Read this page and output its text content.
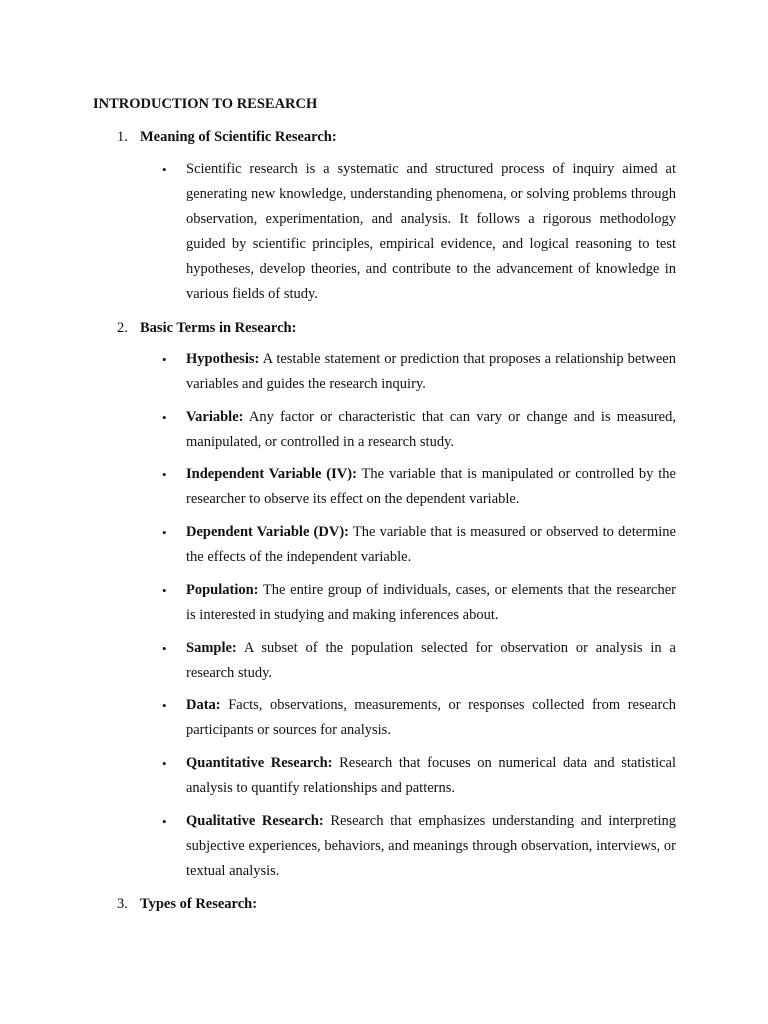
INTRODUCTION TO RESEARCH
1. Meaning of Scientific Research:
• Scientific research is a systematic and structured process of inquiry aimed at generating new knowledge, understanding phenomena, or solving problems through observation, experimentation, and analysis. It follows a rigorous methodology guided by scientific principles, empirical evidence, and logical reasoning to test hypotheses, develop theories, and contribute to the advancement of knowledge in various fields of study.
2. Basic Terms in Research:
• Hypothesis: A testable statement or prediction that proposes a relationship between variables and guides the research inquiry.
• Variable: Any factor or characteristic that can vary or change and is measured, manipulated, or controlled in a research study.
• Independent Variable (IV): The variable that is manipulated or controlled by the researcher to observe its effect on the dependent variable.
• Dependent Variable (DV): The variable that is measured or observed to determine the effects of the independent variable.
• Population: The entire group of individuals, cases, or elements that the researcher is interested in studying and making inferences about.
• Sample: A subset of the population selected for observation or analysis in a research study.
• Data: Facts, observations, measurements, or responses collected from research participants or sources for analysis.
• Quantitative Research: Research that focuses on numerical data and statistical analysis to quantify relationships and patterns.
• Qualitative Research: Research that emphasizes understanding and interpreting subjective experiences, behaviors, and meanings through observation, interviews, or textual analysis.
3. Types of Research:
